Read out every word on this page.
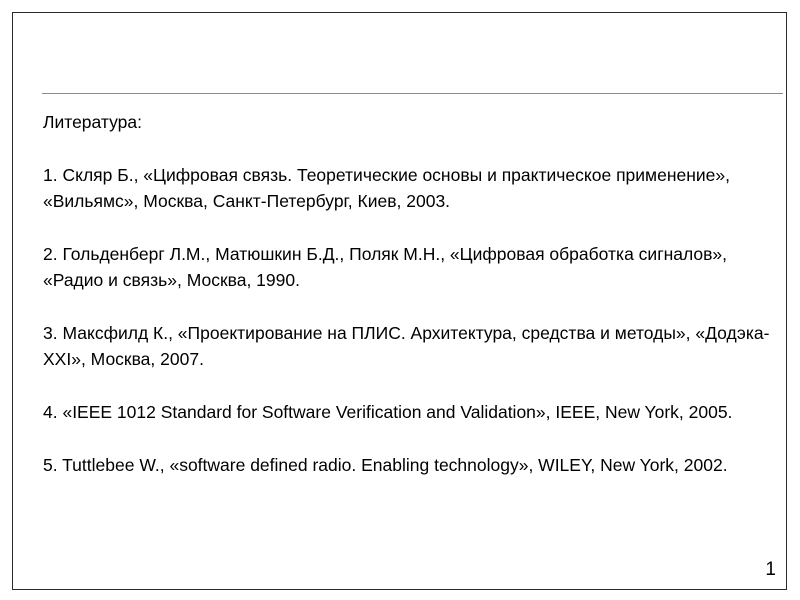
Литература:
1. Скляр Б., «Цифровая связь. Теоретические основы и практическое применение», «Вильямс», Москва, Санкт-Петербург, Киев, 2003.
2. Гольденберг Л.М., Матюшкин Б.Д., Поляк М.Н., «Цифровая обработка сигналов», «Радио и связь», Москва, 1990.
3. Максфилд К., «Проектирование на ПЛИС. Архитектура, средства и методы», «Додэка-XXI», Москва, 2007.
4. «IEEE 1012 Standard for Software Verification and Validation», IEEE, New York, 2005.
5. Tuttlebee W., «software defined radio. Enabling technology», WILEY, New York, 2002.
1
